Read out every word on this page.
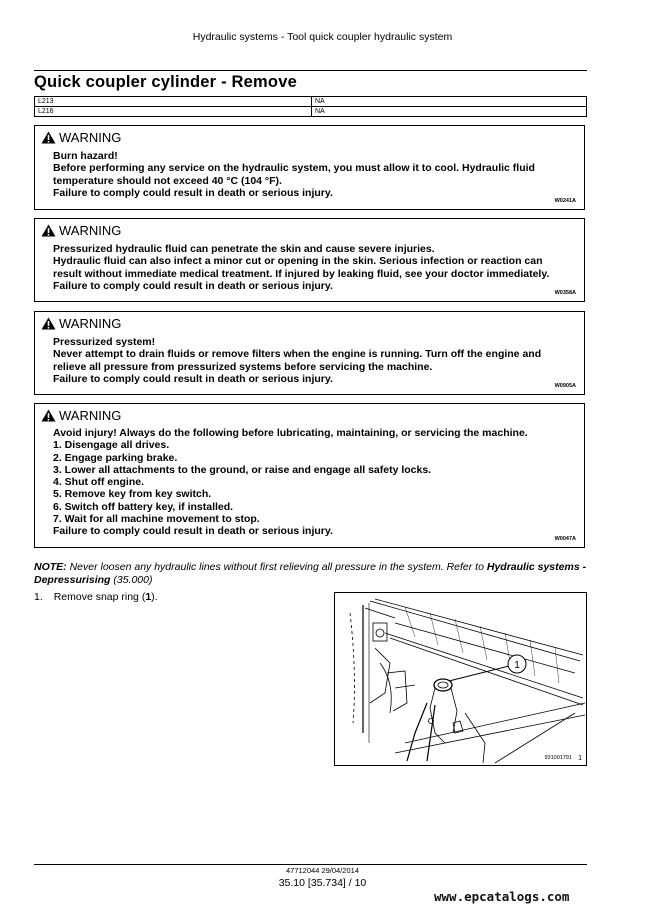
Hydraulic systems - Tool quick coupler hydraulic system
Quick coupler cylinder - Remove
L213	NA
L216	NA
WARNING
Burn hazard!
Before performing any service on the hydraulic system, you must allow it to cool. Hydraulic fluid
temperature should not exceed 40 °C (104 °F).
Failure to comply could result in death or serious injury.
W0241A
WARNING
Pressurized hydraulic fluid can penetrate the skin and cause severe injuries.
Hydraulic fluid can also infect a minor cut or opening in the skin. Serious infection or reaction can
result without immediate medical treatment. If injured by leaking fluid, see your doctor immediately.
Failure to comply could result in death or serious injury.
W0358A
WARNING
Pressurized system!
Never attempt to drain fluids or remove filters when the engine is running. Turn off the engine and
relieve all pressure from pressurized systems before servicing the machine.
Failure to comply could result in death or serious injury.
W0905A
WARNING
Avoid injury! Always do the following before lubricating, maintaining, or servicing the machine.
1. Disengage all drives.
2. Engage parking brake.
3. Lower all attachments to the ground, or raise and engage all safety locks.
4. Shut off engine.
5. Remove key from key switch.
6. Switch off battery key, if installed.
7. Wait for all machine movement to stop.
Failure to comply could result in death or serious injury.
W0047A
NOTE: Never loosen any hydraulic lines without first relieving all pressure in the system. Refer to Hydraulic systems - Depressurising (35.000)
1. Remove snap ring (1).
1
931001791 1
47712044 29/04/2014
35.10 [35.734] / 10
www.epcatalogs.com
